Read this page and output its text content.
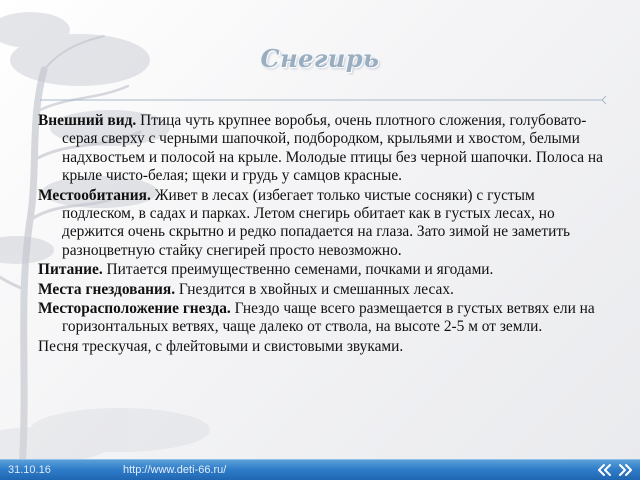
Снегирь

Внешний вид. Птица чуть крупнее воробья, очень плотного сложения, голубовато-серая сверху с черными шапочкой, подбородком, крыльями и хвостом, белыми надхвостьем и полосой на крыле. Молодые птицы без черной шапочки. Полоса на крыле чисто-белая; щеки и грудь у самцов красные.

Местообитания. Живет в лесах (избегает только чистые сосняки) с густым подлеском, в садах и парках. Летом снегирь обитает как в густых лесах, но держится очень скрытно и редко попадается на глаза. Зато зимой не заметить разноцветную стайку снегирей просто невозможно.

Питание. Питается преимущественно семенами, почками и ягодами.

Места гнездования. Гнездится в хвойных и смешанных лесах.

Месторасположение гнезда. Гнездо чаще всего размещается в густых ветвях ели на горизонтальных ветвях, чаще далеко от ствола, на высоте 2-5 м от земли.

Песня трескучая, с флейтовыми и свистовыми звуками.

31.10.16	http://www.deti-66.ru/
